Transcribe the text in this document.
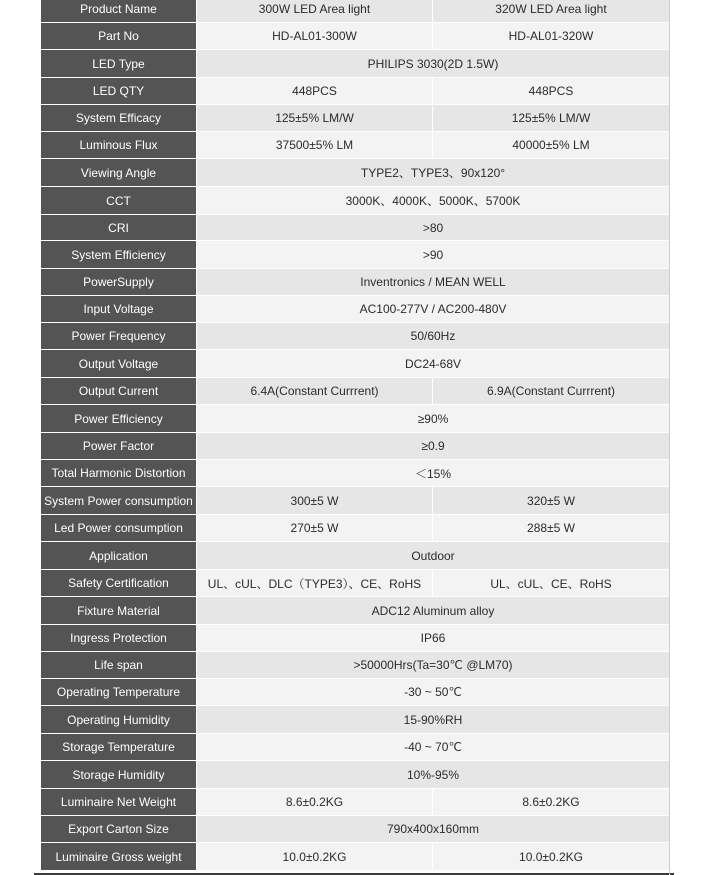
Product Name	300W LED Area light	320W LED Area light
Part No	HD-AL01-300W	HD-AL01-320W
LED Type	PHILIPS 3030(2D 1.5W)	
LED QTY	448PCS	448PCS
System Efficacy	125±5% LM/W	125±5% LM/W
Luminous Flux	37500±5% LM	40000±5% LM
Viewing Angle	TYPE2、TYPE3、90x120°	
CCT	3000K、4000K、5000K、5700K	
CRI	>80	
System Efficiency	>90	
PowerSupply	Inventronics / MEAN WELL	
Input Voltage	AC100-277V / AC200-480V	
Power Frequency	50/60Hz	
Output Voltage	DC24-68V	
Output Current	6.4A(Constant Currrent)	6.9A(Constant Currrent)
Power Efficiency	≥90%	
Power Factor	≥0.9	
Total Harmonic Distortion	＜15%	
System Power consumption	300±5 W	320±5 W
Led Power consumption	270±5 W	288±5 W
Application	Outdoor	
Safety Certification	UL、cUL、DLC（TYPE3）、CE、RoHS	UL、cUL、CE、RoHS
Fixture Material	ADC12 Aluminum alloy	
Ingress Protection	IP66	
Life span	>50000Hrs(Ta=30℃ @LM70)	
Operating Temperature	-30 ~ 50℃	
Operating Humidity	15-90%RH	
Storage Temperature	-40 ~ 70℃	
Storage Humidity	10%-95%	
Luminaire Net Weight	8.6±0.2KG	8.6±0.2KG
Export Carton Size	790x400x160mm	
Luminaire Gross weight	10.0±0.2KG	10.0±0.2KG
